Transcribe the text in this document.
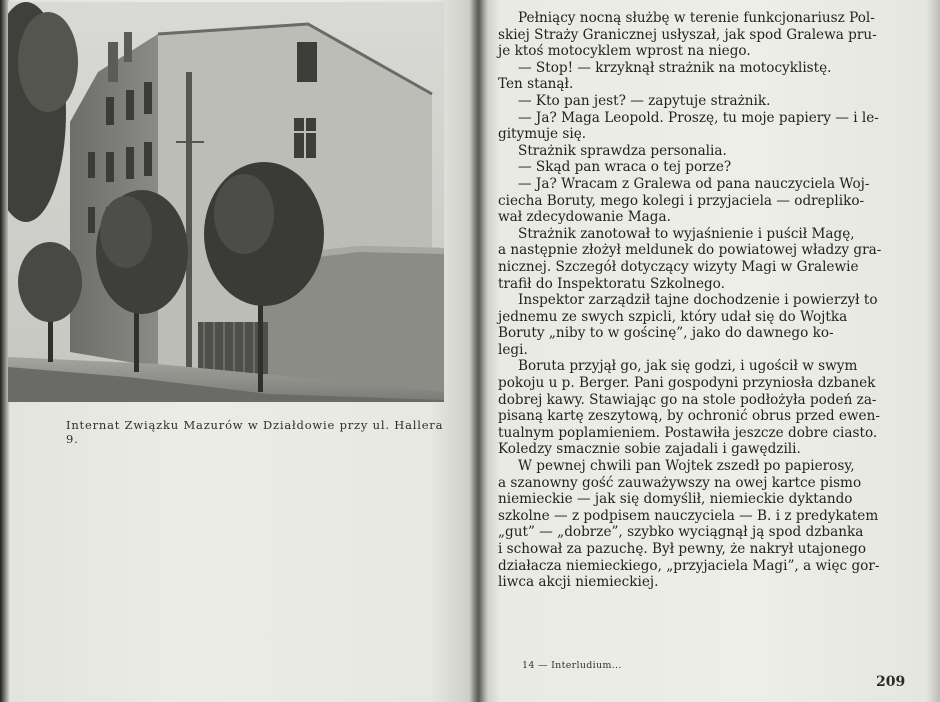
Internat Związku Mazurów w Działdowie przy ul. Hallera 9.
Pełniący nocną służbę w terenie funkcjonariusz Pol-
skiej Straży Granicznej usłyszał, jak spod Gralewa pru-
je ktoś motocyklem wprost na niego.
— Stop! — krzyknął strażnik na motocyklistę.
Ten stanął.
— Kto pan jest? — zapytuje strażnik.
— Ja? Maga Leopold. Proszę, tu moje papiery — i le-
gitymuje się.
Strażnik sprawdza personalia.
— Skąd pan wraca o tej porze?
— Ja? Wracam z Gralewa od pana nauczyciela Woj-
ciecha Boruty, mego kolegi i przyjaciela — odrepliko-
wał zdecydowanie Maga.
Strażnik zanotował to wyjaśnienie i puścił Magę,
a następnie złożył meldunek do powiatowej władzy gra-
nicznej. Szczegół dotyczący wizyty Magi w Gralewie
trafił do Inspektoratu Szkolnego.
Inspektor zarządził tajne dochodzenie i powierzył to
jednemu ze swych szpicli, który udał się do Wojtka
Boruty „niby to w gościnę”, jako do dawnego ko-
legi.
Boruta przyjął go, jak się godzi, i ugościł w swym
pokoju u p. Berger. Pani gospodyni przyniosła dzbanek
dobrej kawy. Stawiając go na stole podłożyła podeń za-
pisaną kartę zeszytową, by ochronić obrus przed ewen-
tualnym poplamieniem. Postawiła jeszcze dobre ciasto.
Koledzy smacznie sobie zajadali i gawędzili.
W pewnej chwili pan Wojtek zszedł po papierosy,
a szanowny gość zauważywszy na owej kartce pismo
niemieckie — jak się domyślił, niemieckie dyktando
szkolne — z podpisem nauczyciela — B. i z predykatem
„gut” — „dobrze”, szybko wyciągnął ją spod dzbanka
i schował za pazuchę. Był pewny, że nakrył utajonego
działacza niemieckiego, „przyjaciela Magi”, a więc gor-
liwca akcji niemieckiej.
14 — Interludium...
209
